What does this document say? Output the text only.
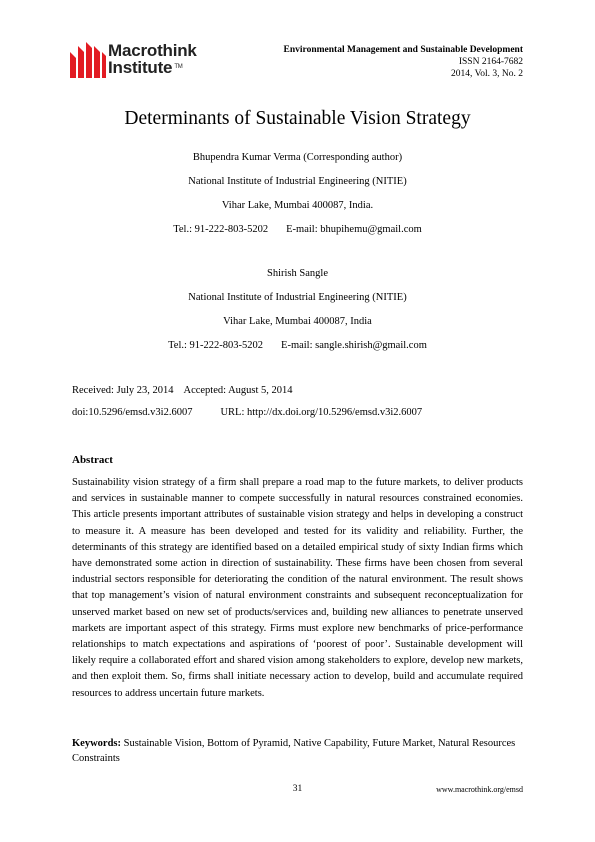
Macrothink
Institute ™
Environmental Management and Sustainable Development
ISSN 2164-7682
2014, Vol. 3, No. 2
Determinants of Sustainable Vision Strategy
Bhupendra Kumar Verma (Corresponding author)
National Institute of Industrial Engineering (NITIE)
Vihar Lake, Mumbai 400087, India.
Tel.: 91-222-803-5202 E-mail: bhupihemu@gmail.com
Shirish Sangle
National Institute of Industrial Engineering (NITIE)
Vihar Lake, Mumbai 400087, India
Tel.: 91-222-803-5202 E-mail: sangle.shirish@gmail.com
Received: July 23, 2014 Accepted: August 5, 2014
doi:10.5296/emsd.v3i2.6007	URL: http://dx.doi.org/10.5296/emsd.v3i2.6007
Abstract
Sustainability vision strategy of a firm shall prepare a road map to the future markets, to deliver products and services in sustainable manner to compete successfully in natural resources constrained economies. This article presents important attributes of sustainable vision strategy and helps in developing a construct to measure it. A measure has been developed and tested for its validity and reliability. Further, the determinants of this strategy are identified based on a detailed empirical study of sixty Indian firms which have demonstrated some action in direction of sustainability. These firms have been chosen from several industrial sectors responsible for deteriorating the condition of the natural environment. The result shows that top management’s vision of natural environment constraints and subsequent reconceptualization for unserved market based on new set of products/services and, building new alliances to penetrate unserved markets are important aspect of this strategy. Firms must explore new benchmarks of price-performance relationships to match expectations and aspirations of ‘poorest of poor’. Sustainable development will likely require a collaborated effort and shared vision among stakeholders to explore, develop new markets, and then exploit them. So, firms shall initiate necessary action to develop, build and accumulate required resources to address uncertain future markets.
Keywords: Sustainable Vision, Bottom of Pyramid, Native Capability, Future Market, Natural Resources Constraints
31	www.macrothink.org/emsd
